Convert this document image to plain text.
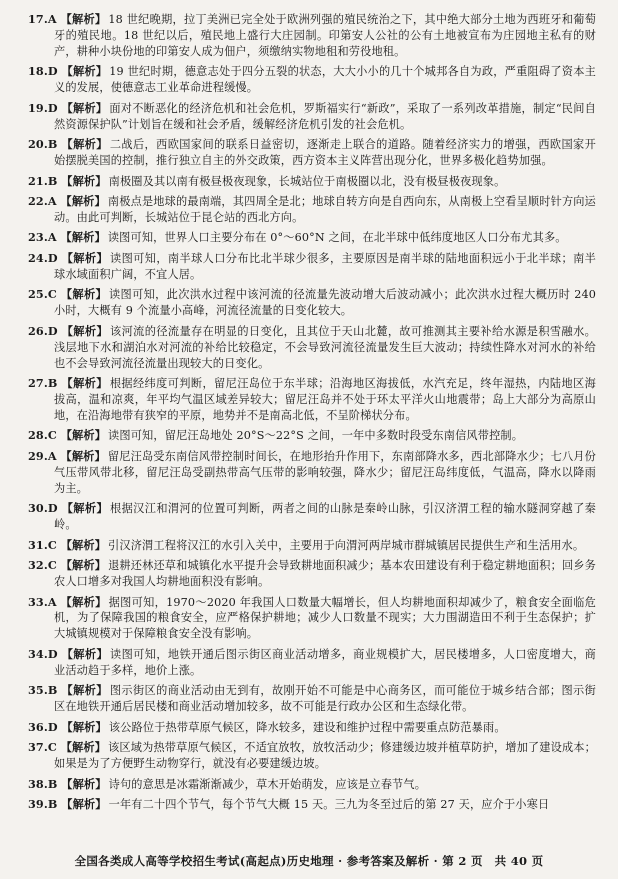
17.A 【解析】 18 世纪晚期，拉丁美洲已完全处于欧洲列强的殖民统治之下，其中绝大部分土地为西班牙和葡萄牙的殖民地。18 世纪以后，殖民地上盛行大庄园制。印第安人公社的公有土地被宣布为庄园地主私有的财产，耕种小块份地的印第安人成为佃户，须缴纳实物地租和劳役地租。

18.D 【解析】 19 世纪时期，德意志处于四分五裂的状态，大大小小的几十个城邦各自为政，严重阻碍了资本主义的发展，使德意志工业革命进程缓慢。

19.D 【解析】 面对不断恶化的经济危机和社会危机，罗斯福实行“新政”，采取了一系列改革措施，制定“民间自然资源保护队”计划旨在缓和社会矛盾，缓解经济危机引发的社会危机。

20.B 【解析】 二战后，西欧国家间的联系日益密切，逐渐走上联合的道路。随着经济实力的增强，西欧国家开始摆脱美国的控制，推行独立自主的外交政策，西方资本主义阵营出现分化，世界多极化趋势加强。

21.B 【解析】 南极圈及其以南有极昼极夜现象，长城站位于南极圈以北，没有极昼极夜现象。

22.A 【解析】 南极点是地球的最南端，其四周全是北；地球自转方向是自西向东，从南极上空看呈顺时针方向运动。由此可判断，长城站位于昆仑站的西北方向。

23.A 【解析】 读图可知，世界人口主要分布在 0°～60°N 之间，在北半球中低纬度地区人口分布尤其多。

24.D 【解析】 读图可知，南半球人口分布比北半球少很多，主要原因是南半球的陆地面积远小于北半球；南半球水域面积广阔，不宜人居。

25.C 【解析】 读图可知，此次洪水过程中该河流的径流量先波动增大后波动减小；此次洪水过程大概历时 240 小时，大概有 9 个流量小高峰，河流径流量的日变化较大。

26.D 【解析】 该河流的径流量存在明显的日变化，且其位于天山北麓，故可推测其主要补给水源是积雪融水。浅层地下水和湖泊水对河流的补给比较稳定，不会导致河流径流量发生巨大波动；持续性降水对河水的补给也不会导致河流径流量出现较大的日变化。

27.B 【解析】 根据经纬度可判断，留尼汪岛位于东半球；沿海地区海拔低，水汽充足，终年湿热，内陆地区海拔高，温和凉爽，年平均气温区域差异较大；留尼汪岛并不处于环太平洋火山地震带；岛上大部分为高原山地，在沿海地带有狭窄的平原，地势并不是南高北低，不呈阶梯状分布。

28.C 【解析】 读图可知，留尼汪岛地处 20°S～22°S 之间，一年中多数时段受东南信风带控制。

29.A 【解析】 留尼汪岛受东南信风带控制时间长，在地形抬升作用下，东南部降水多，西北部降水少；七八月份气压带风带北移，留尼汪岛受副热带高气压带的影响较强，降水少；留尼汪岛纬度低，气温高，降水以降雨为主。

30.D 【解析】 根据汉江和渭河的位置可判断，两者之间的山脉是秦岭山脉，引汉济渭工程的输水隧洞穿越了秦岭。

31.C 【解析】 引汉济渭工程将汉江的水引入关中，主要用于向渭河两岸城市群城镇居民提供生产和生活用水。

32.C 【解析】 退耕还林还草和城镇化水平提升会导致耕地面积减少；基本农田建设有利于稳定耕地面积；回乡务农人口增多对我国人均耕地面积没有影响。

33.A 【解析】 据图可知，1970～2020 年我国人口数量大幅增长，但人均耕地面积却减少了，粮食安全面临危机，为了保障我国的粮食安全，应严格保护耕地；减少人口数量不现实；大力围湖造田不利于生态保护；扩大城镇规模对于保障粮食安全没有影响。

34.D 【解析】 读图可知，地铁开通后图示街区商业活动增多，商业规模扩大，居民楼增多，人口密度增大，商业活动趋于多样，地价上涨。

35.B 【解析】 图示街区的商业活动由无到有，故刚开始不可能是中心商务区，而可能位于城乡结合部；图示街区在地铁开通后居民楼和商业活动增加较多，故不可能是行政办公区和生态绿化带。

36.D 【解析】 该公路位于热带草原气候区，降水较多，建设和维护过程中需要重点防范暴雨。

37.C 【解析】 该区域为热带草原气候区，不适宜放牧，放牧活动少；修建缓边坡并植草防护，增加了建设成本；如果是为了方便野生动物穿行，就没有必要建缓边坡。

38.B 【解析】 诗句的意思是冰霜渐渐减少，草木开始萌发，应该是立春节气。

39.B 【解析】 一年有二十四个节气，每个节气大概 15 天。三九为冬至过后的第 27 天，应介于小寒日

全国各类成人高等学校招生考试(高起点)历史地理 · 参考答案及解析 · 第 2 页　共 40 页
